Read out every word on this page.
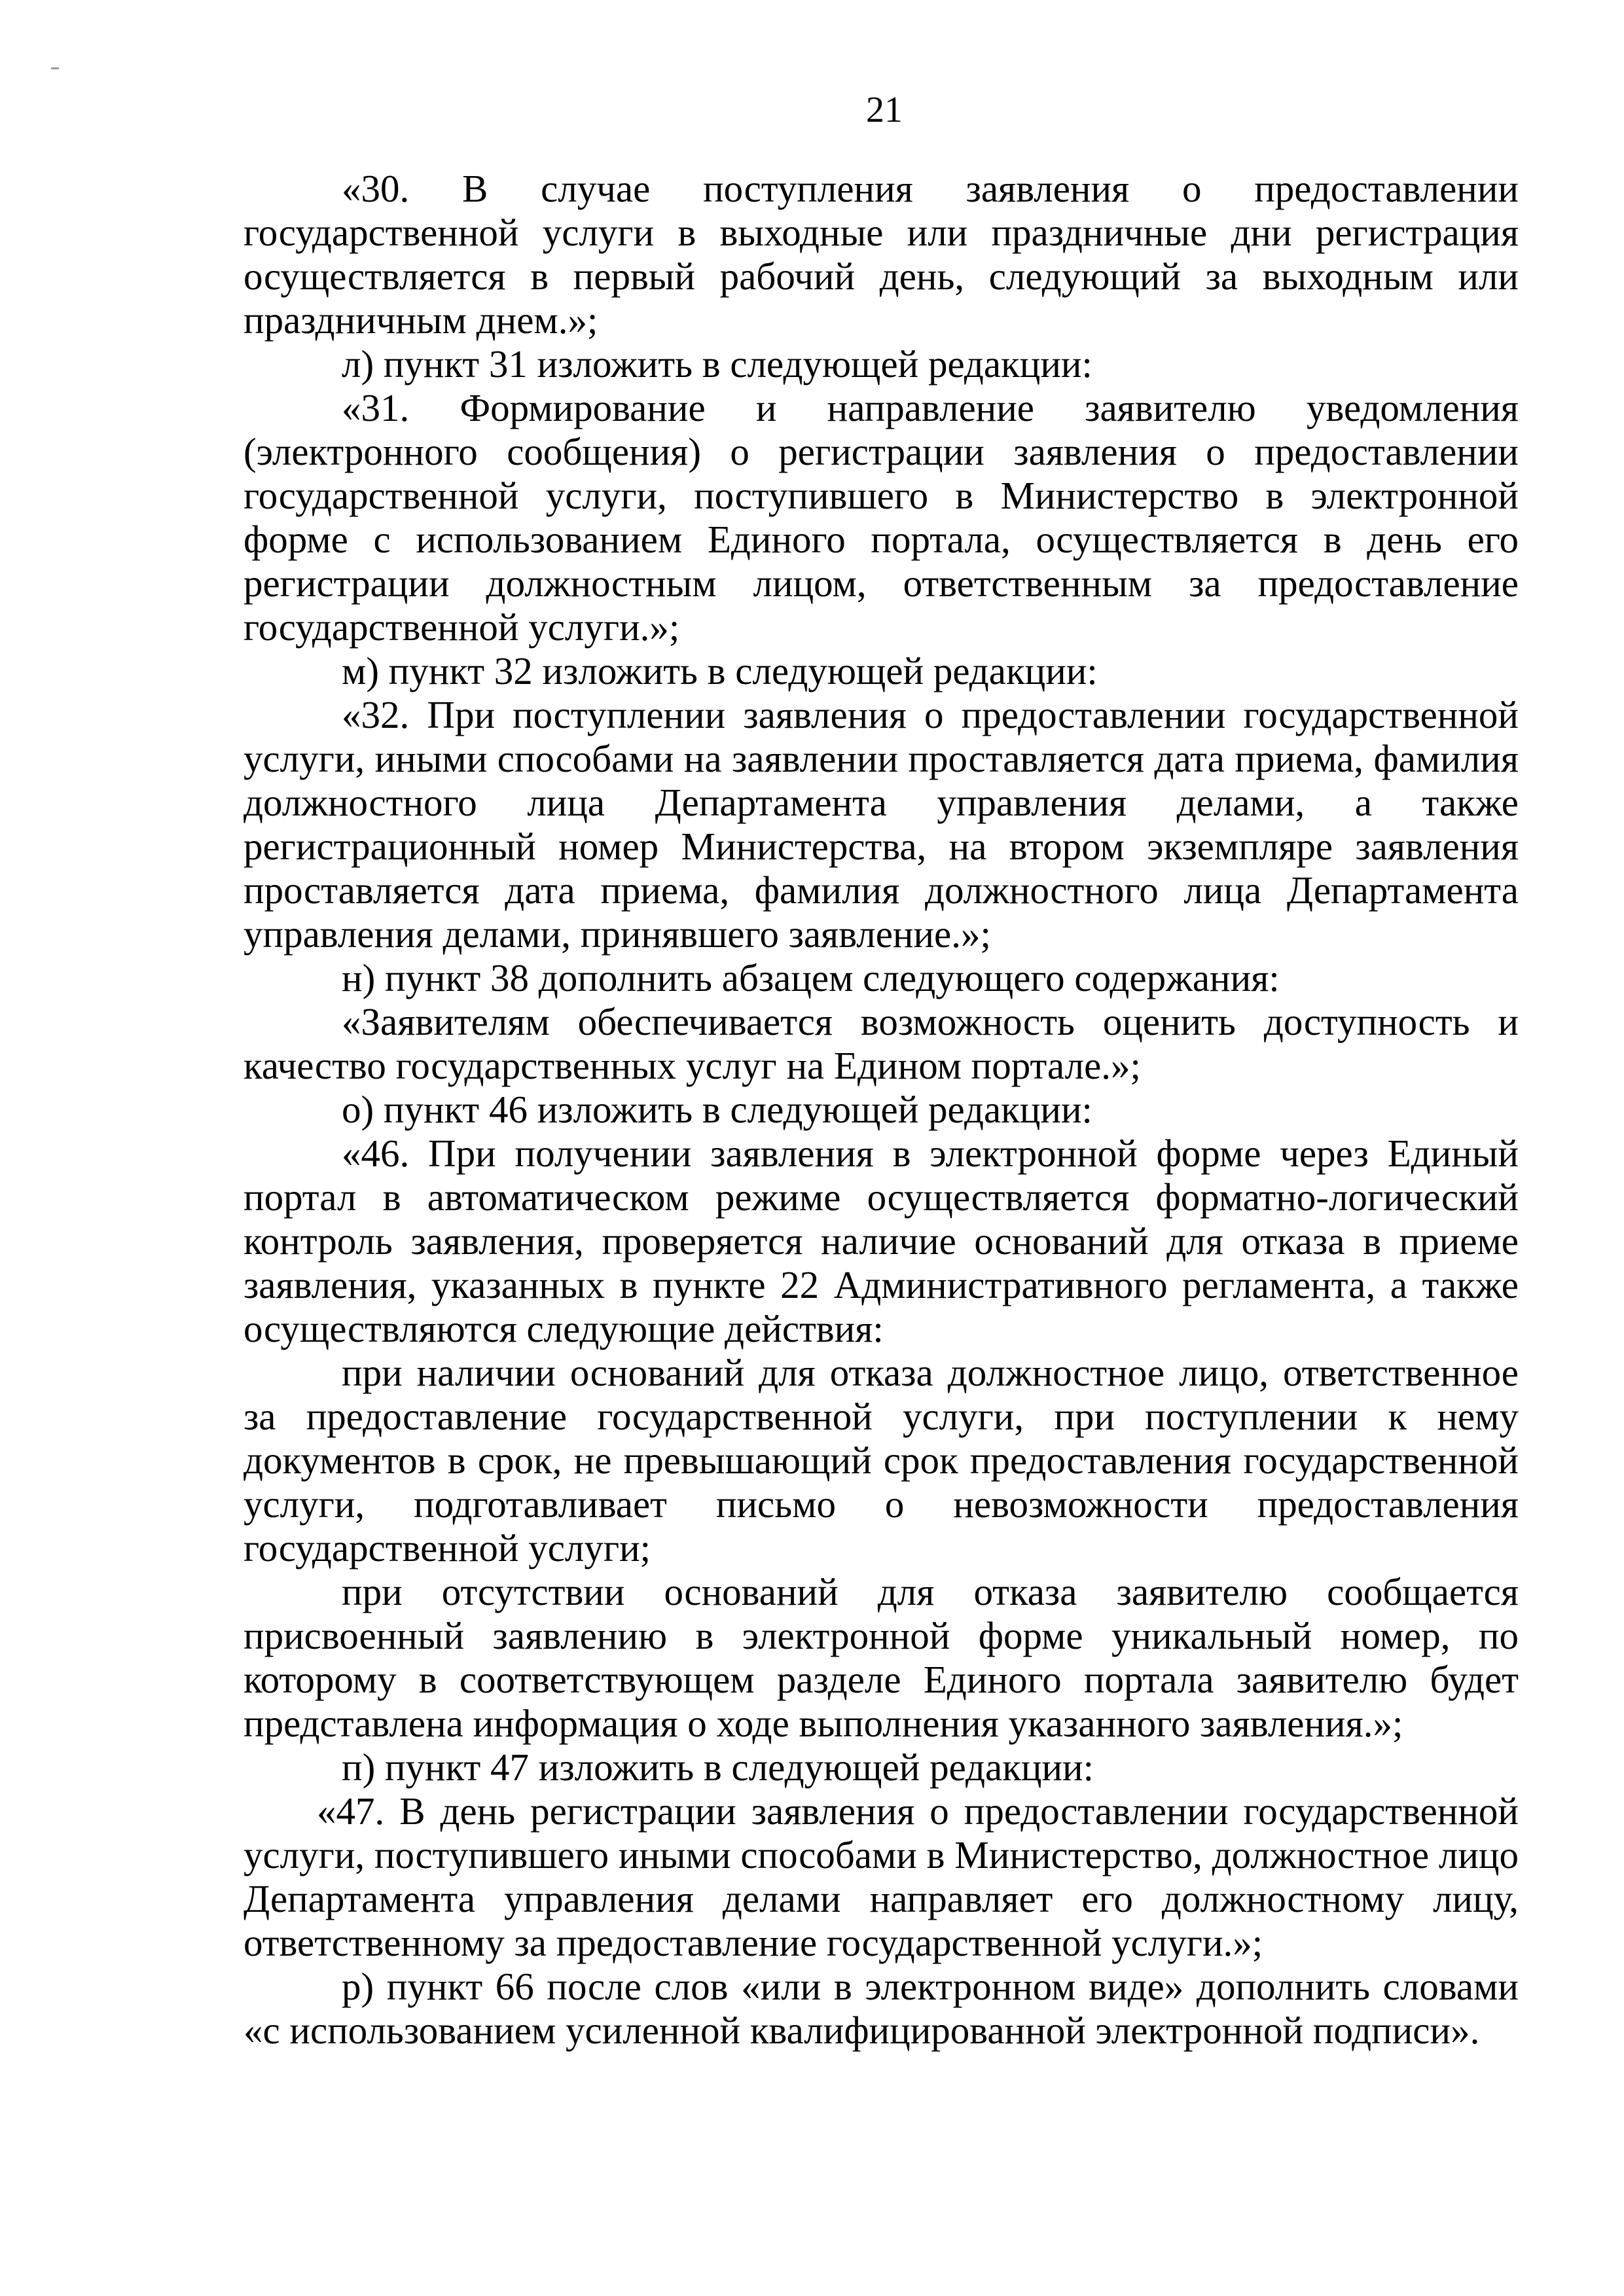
21

«30. В случае поступления заявления о предоставлении государственной услуги в выходные или праздничные дни регистрация осуществляется в первый рабочий день, следующий за выходным или праздничным днем.»;

л) пункт 31 изложить в следующей редакции:

«31. Формирование и направление заявителю уведомления (электронного сообщения) о регистрации заявления о предоставлении государственной услуги, поступившего в Министерство в электронной форме с использованием Единого портала, осуществляется в день его регистрации должностным лицом, ответственным за предоставление государственной услуги.»;

м) пункт 32 изложить в следующей редакции:

«32. При поступлении заявления о предоставлении государственной услуги, иными способами на заявлении проставляется дата приема, фамилия должностного лица Департамента управления делами, а также регистрационный номер Министерства, на втором экземпляре заявления проставляется дата приема, фамилия должностного лица Департамента управления делами, принявшего заявление.»;

н) пункт 38 дополнить абзацем следующего содержания:

«Заявителям обеспечивается возможность оценить доступность и качество государственных услуг на Едином портале.»;

о) пункт 46 изложить в следующей редакции:

«46. При получении заявления в электронной форме через Единый портал в автоматическом режиме осуществляется форматно-логический контроль заявления, проверяется наличие оснований для отказа в приеме заявления, указанных в пункте 22 Административного регламента, а также осуществляются следующие действия:

при наличии оснований для отказа должностное лицо, ответственное за предоставление государственной услуги, при поступлении к нему документов в срок, не превышающий срок предоставления государственной услуги, подготавливает письмо о невозможности предоставления государственной услуги;

при отсутствии оснований для отказа заявителю сообщается присвоенный заявлению в электронной форме уникальный номер, по которому в соответствующем разделе Единого портала заявителю будет представлена информация о ходе выполнения указанного заявления.»;

п) пункт 47 изложить в следующей редакции:

«47. В день регистрации заявления о предоставлении государственной услуги, поступившего иными способами в Министерство, должностное лицо Департамента управления делами направляет его должностному лицу, ответственному за предоставление государственной услуги.»;

р) пункт 66 после слов «или в электронном виде» дополнить словами «с использованием усиленной квалифицированной электронной подписи».
